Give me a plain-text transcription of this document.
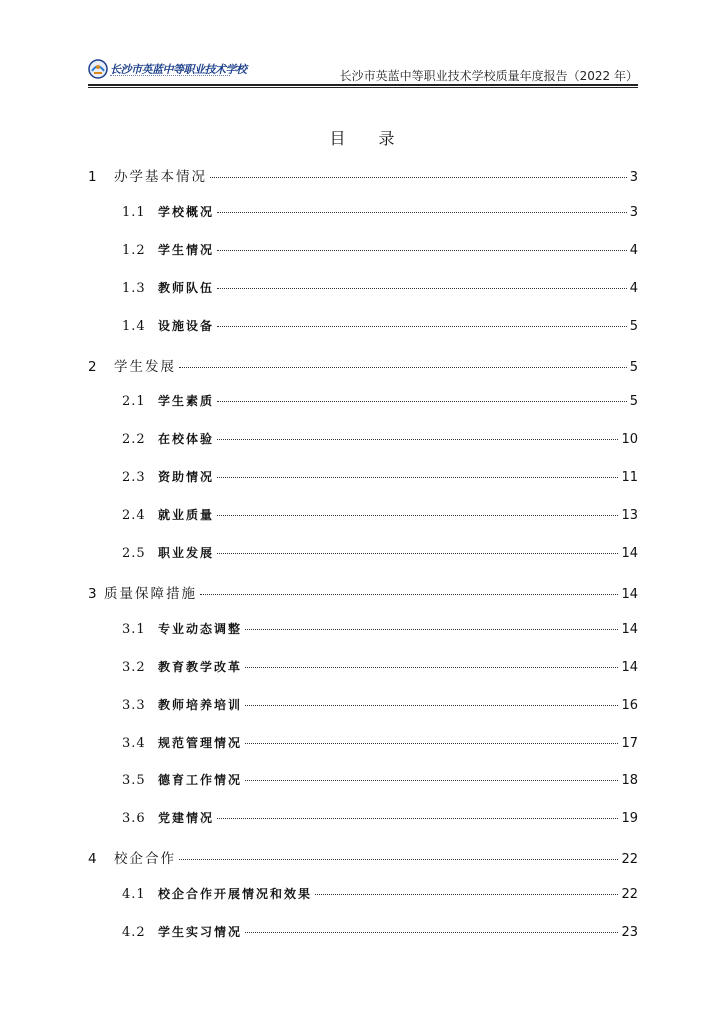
长沙市英蓝中等职业技术学校	长沙市英蓝中等职业技术学校质量年度报告（2022 年）
目 录
1	办学基本情况	3
1.1	学校概况	3
1.2	学生情况	4
1.3	教师队伍	4
1.4	设施设备	5
2	学生发展	5
2.1	学生素质	5
2.2	在校体验	10
2.3	资助情况	11
2.4	就业质量	13
2.5	职业发展	14
3 质量保障措施	14
3.1	专业动态调整	14
3.2	教育教学改革	14
3.3	教师培养培训	16
3.4	规范管理情况	17
3.5	德育工作情况	18
3.6	党建情况	19
4	校企合作	22
4.1	校企合作开展情况和效果	22
4.2	学生实习情况	23
